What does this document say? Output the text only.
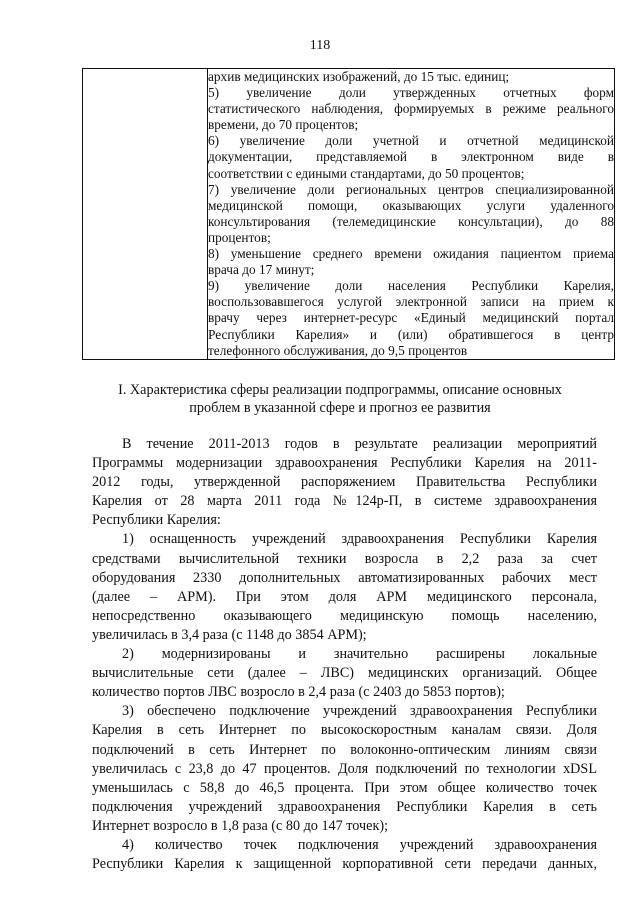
118

архив медицинских изображений, до 15 тыс. единиц;
5) увеличение доли утвержденных отчетных форм
статистического наблюдения, формируемых в режиме реального
времени, до 70 процентов;
6) увеличение доли учетной и отчетной медицинской
документации, представляемой в электронном виде в
соответствии с едиными стандартами, до 50 процентов;
7) увеличение доли региональных центров специализированной
медицинской помощи, оказывающих услуги удаленного
консультирования (телемедицинские консультации), до 88
процентов;
8) уменьшение среднего времени ожидания пациентом приема
врача до 17 минут;
9) увеличение доли населения Республики Карелия,
воспользовавшегося услугой электронной записи на прием к
врачу через интернет-ресурс «Единый медицинский портал
Республики Карелия» и (или) обратившегося в центр
телефонного обслуживания, до 9,5 процентов
I. Характеристика сферы реализации подпрограммы, описание основных
проблем в указанной сфере и прогноз ее развития
В течение 2011-2013 годов в результате реализации мероприятий
Программы модернизации здравоохранения Республики Карелия на 2011-
2012 годы, утвержденной распоряжением Правительства Республики
Карелия от 28 марта 2011 года №124р-П, в системе здравоохранения
Республики Карелия:
1) оснащенность учреждений здравоохранения Республики Карелия
средствами вычислительной техники возросла в 2,2 раза за счет
оборудования 2330 дополнительных автоматизированных рабочих мест
(далее – АРМ). При этом доля АРМ медицинского персонала,
непосредственно оказывающего медицинскую помощь населению,
увеличилась в 3,4 раза (с 1148 до 3854 АРМ);
2) модернизированы и значительно расширены локальные
вычислительные сети (далее – ЛВС) медицинских организаций. Общее
количество портов ЛВС возросло в 2,4 раза (с 2403 до 5853 портов);
3) обеспечено подключение учреждений здравоохранения Республики
Карелия в сеть Интернет по высокоскоростным каналам связи. Доля
подключений в сеть Интернет по волоконно-оптическим линиям связи
увеличилась с 23,8 до 47 процентов. Доля подключений по технологии xDSL
уменьшилась с 58,8 до 46,5 процента. При этом общее количество точек
подключения учреждений здравоохранения Республики Карелия в сеть
Интернет возросло в 1,8 раза (с 80 до 147 точек);
4) количество точек подключения учреждений здравоохранения
Республики Карелия к защищенной корпоративной сети передачи данных,
